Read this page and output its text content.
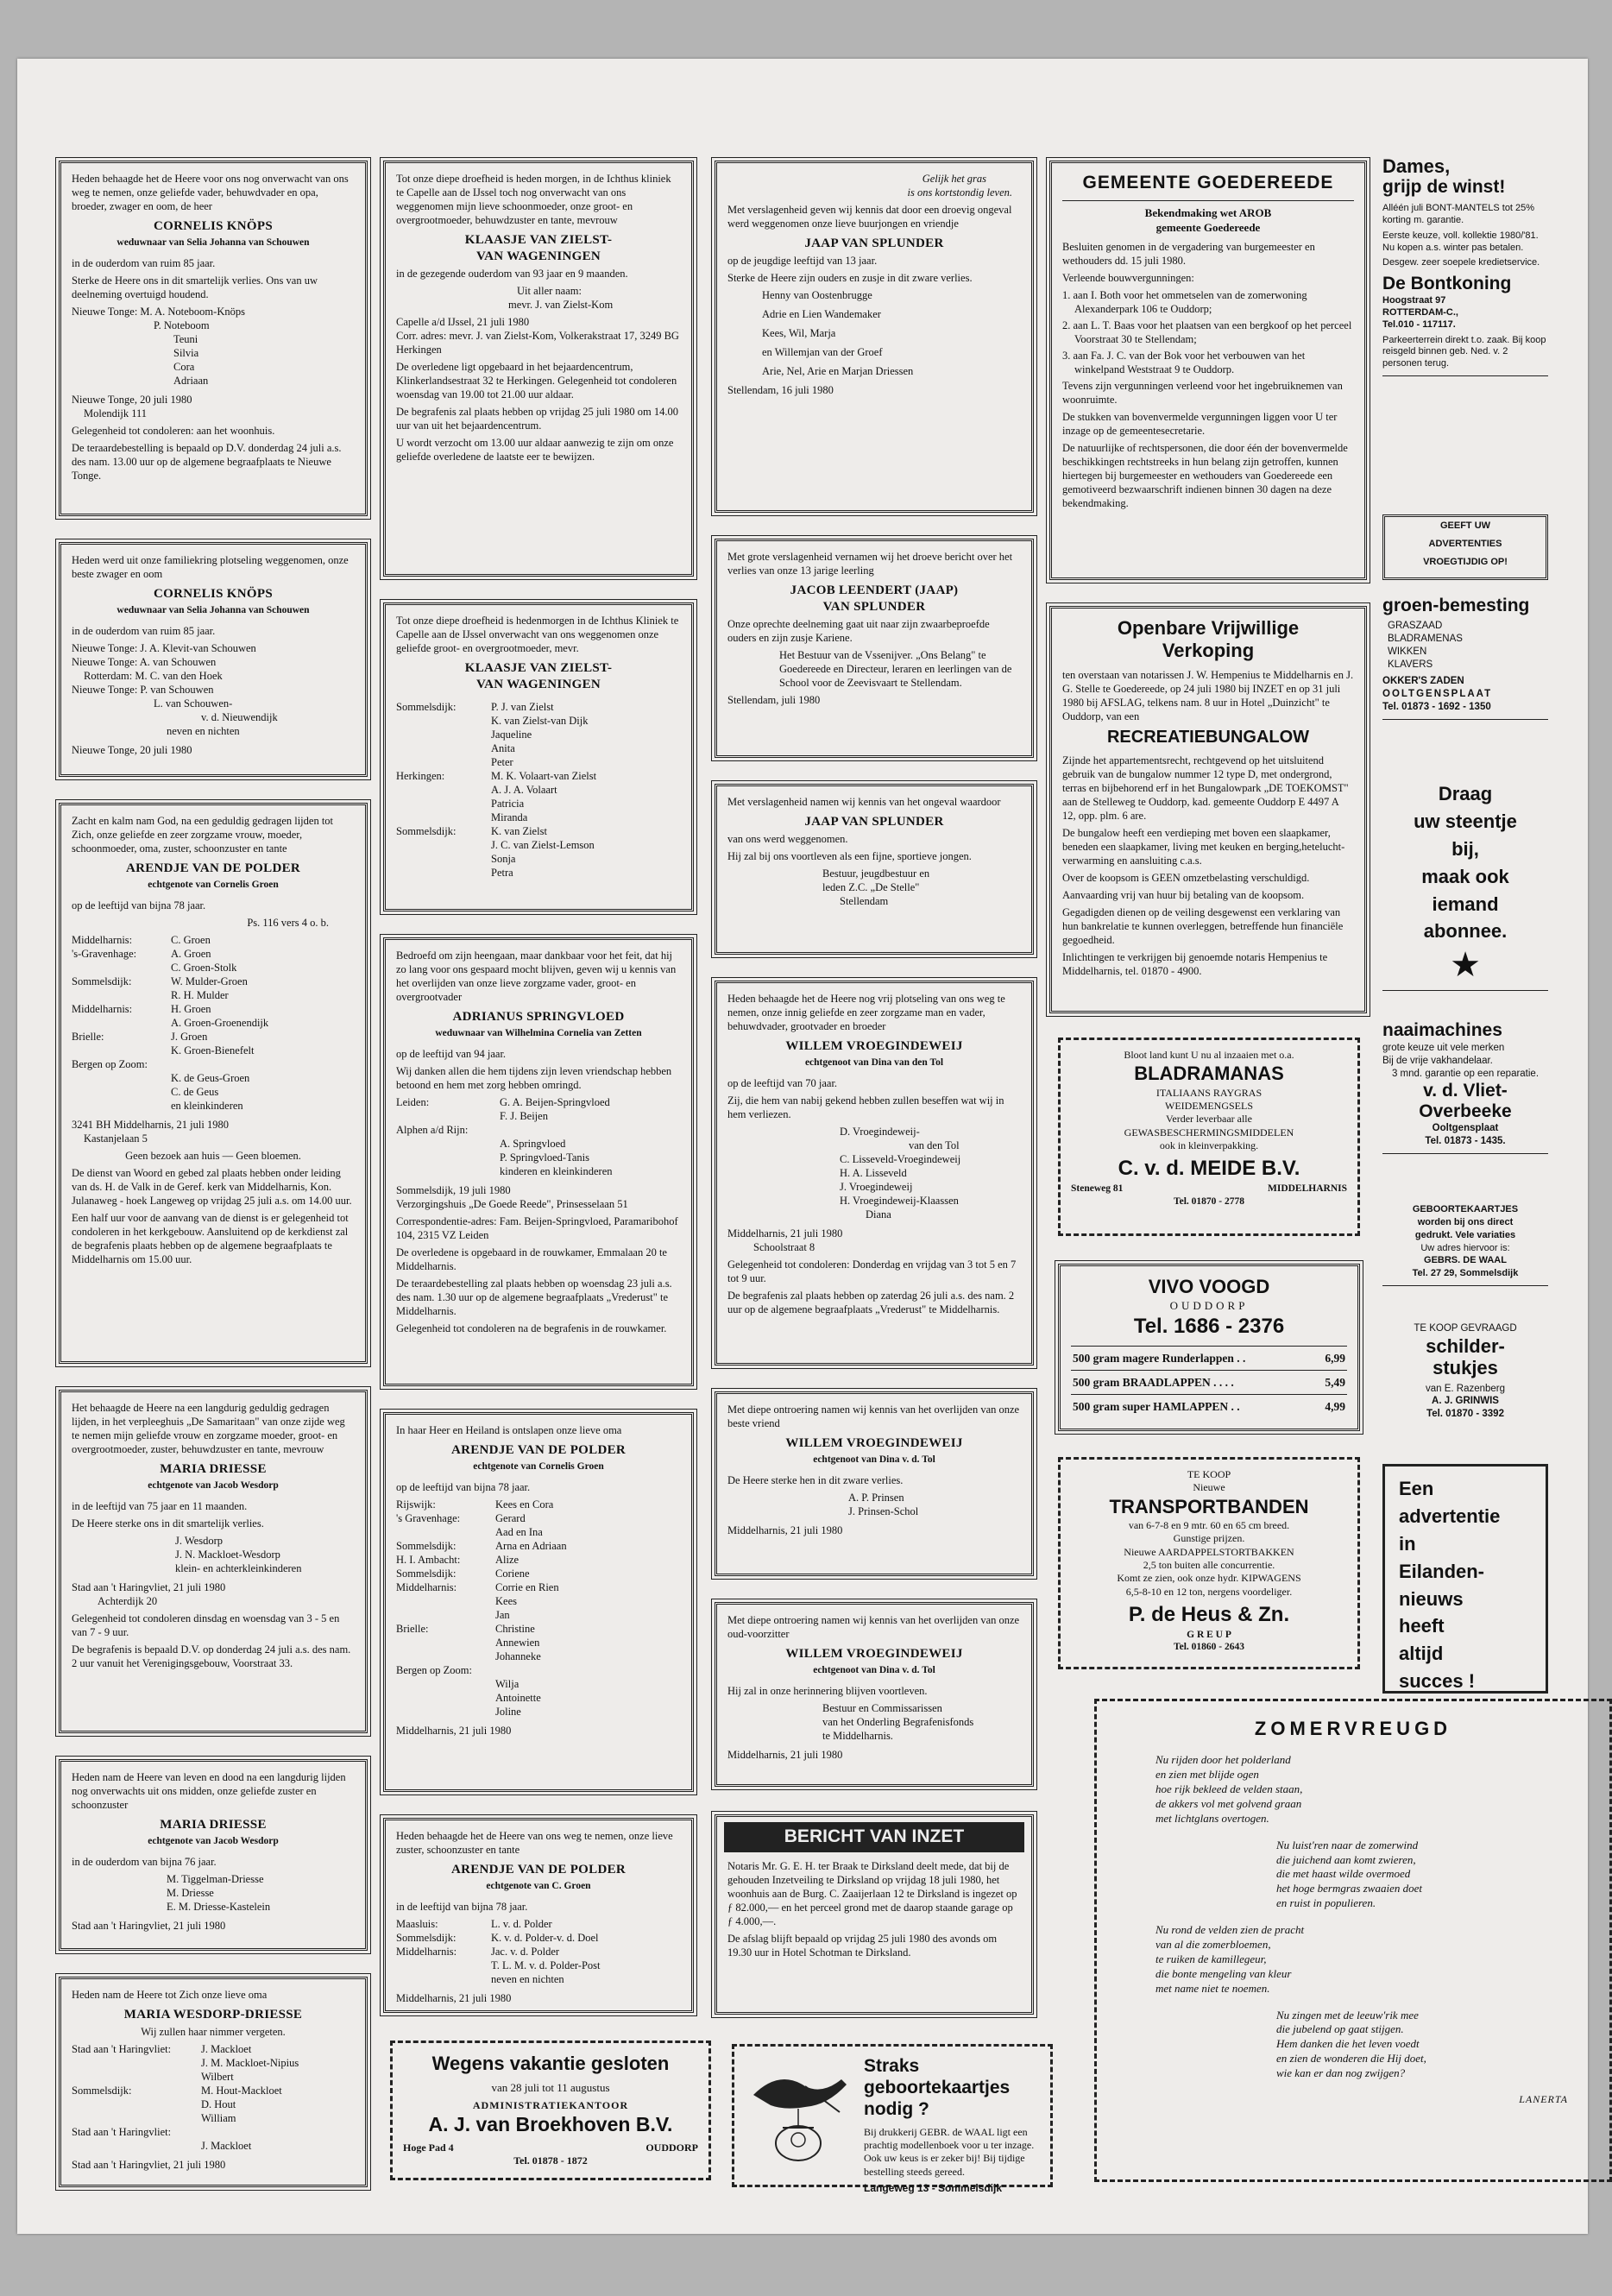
Heden behaagde het de Heere voor ons nog onverwacht van ons weg te nemen, onze geliefde vader, behuwdvader en opa, broeder, zwager en oom, de heer

CORNELIS KNÖPS
weduwnaar van Selia Johanna van Schouwen

in de ouderdom van ruim 85 jaar.

Sterke de Heere ons in dit smartelijk verlies. Ons van uw deelneming overtuigd houdend.

Nieuwe Tonge: M. A. Noteboom-Knöps

P. Noteboom

Teuni

Silvia

Cora

Adriaan

Nieuwe Tonge, 20 juli 1980

Molendijk 111

Gelegenheid tot condoleren: aan het woonhuis.

De teraardebestelling is bepaald op D.V. donderdag 24 juli a.s. des nam. 13.00 uur op de algemene begraafplaats te Nieuwe Tonge.

Heden werd uit onze familiekring plotseling weggenomen, onze beste zwager en oom

CORNELIS KNÖPS
weduwnaar van Selia Johanna van Schouwen

in de ouderdom van ruim 85 jaar.

Nieuwe Tonge: J. A. Klevit-van Schouwen

Nieuwe Tonge: A. van Schouwen

Rotterdam: M. C. van den Hoek

Nieuwe Tonge: P. van Schouwen

L. van Schouwen-

v. d. Nieuwendijk

neven en nichten

Nieuwe Tonge, 20 juli 1980

Zacht en kalm nam God, na een geduldig gedragen lijden tot Zich, onze geliefde en zeer zorgzame vrouw, moeder, schoonmoeder, oma, zuster, schoonzuster en tante

ARENDJE VAN DE POLDER
echtgenote van Cornelis Groen

op de leeftijd van bijna 78 jaar.

Ps. 116 vers 4 o. b.

Middelharnis:	C. Groen
's-Gravenhage:	A. Groen
C. Groen-Stolk
Sommelsdijk:	W. Mulder-Groen
R. H. Mulder
Middelharnis:	H. Groen
A. Groen-Groenendijk
Brielle:	J. Groen
K. Groen-Bienefelt
Bergen op Zoom:
K. de Geus-Groen
C. de Geus
en kleinkinderen

3241 BH Middelharnis, 21 juli 1980

Kastanjelaan 5

Geen bezoek aan huis — Geen bloemen.

De dienst van Woord en gebed zal plaats hebben onder leiding van ds. H. de Valk in de Geref. kerk van Middelharnis, Kon. Julanaweg - hoek Langeweg op vrijdag 25 juli a.s. om 14.00 uur.

Een half uur voor de aanvang van de dienst is er gelegenheid tot condoleren in het kerkgebouw. Aansluitend op de kerkdienst zal de begrafenis plaats hebben op de algemene begraafplaats te Middelharnis om 15.00 uur.

Het behaagde de Heere na een langdurig geduldig gedragen lijden, in het verpleeghuis „De Samaritaan" van onze zijde weg te nemen mijn geliefde vrouw en zorgzame moeder, groot- en overgrootmoeder, zuster, behuwdzuster en tante, mevrouw

MARIA DRIESSE
echtgenote van Jacob Wesdorp

in de leeftijd van 75 jaar en 11 maanden.

De Heere sterke ons in dit smartelijk verlies.

J. Wesdorp

J. N. Mackloet-Wesdorp

klein- en achterkleinkinderen

Stad aan 't Haringvliet, 21 juli 1980

Achterdijk 20

Gelegenheid tot condoleren dinsdag en woensdag van 3 - 5 en van 7 - 9 uur.

De begrafenis is bepaald D.V. op donderdag 24 juli a.s. des nam. 2 uur vanuit het Verenigingsgebouw, Voorstraat 33.

Heden nam de Heere van leven en dood na een langdurig lijden nog onverwachts uit ons midden, onze geliefde zuster en schoonzuster

MARIA DRIESSE
echtgenote van Jacob Wesdorp

in de ouderdom van bijna 76 jaar.

M. Tiggelman-Driesse

M. Driesse

E. M. Driesse-Kastelein

Stad aan 't Haringvliet, 21 juli 1980

Heden nam de Heere tot Zich onze lieve oma

MARIA WESDORP-DRIESSE

Wij zullen haar nimmer vergeten.

Stad aan 't Haringvliet:	J. Mackloet
J. M. Mackloet-Nipius
Wilbert
Sommelsdijk:	M. Hout-Mackloet
D. Hout
William
Stad aan 't Haringvliet:
J. Mackloet

Stad aan 't Haringvliet, 21 juli 1980

Tot onze diepe droefheid is heden morgen, in de Ichthus kliniek te Capelle aan de IJssel toch nog onverwacht van ons weggenomen mijn lieve schoonmoeder, onze groot- en overgrootmoeder, behuwdzuster en tante, mevrouw

KLAASJE VAN ZIELST-
VAN WAGENINGEN

in de gezegende ouderdom van 93 jaar en 9 maanden.

Uit aller naam:

mevr. J. van Zielst-Kom

Capelle a/d IJssel, 21 juli 1980

Corr. adres: mevr. J. van Zielst-Kom, Volkerakstraat 17, 3249 BG Herkingen

De overledene ligt opgebaard in het bejaardencentrum, Klinkerlandsestraat 32 te Herkingen. Gelegenheid tot condoleren woensdag van 19.00 tot 21.00 uur aldaar.

De begrafenis zal plaats hebben op vrijdag 25 juli 1980 om 14.00 uur van uit het bejaardencentrum.

U wordt verzocht om 13.00 uur aldaar aanwezig te zijn om onze geliefde overledene de laatste eer te bewijzen.

Tot onze diepe droefheid is hedenmorgen in de Ichthus Kliniek te Capelle aan de IJssel onverwacht van ons weggenomen onze geliefde groot- en overgrootmoeder, mevr.

KLAASJE VAN ZIELST-
VAN WAGENINGEN
Sommelsdijk:	P. J. van Zielst
K. van Zielst-van Dijk
Jaqueline
Anita
Peter
Herkingen:	M. K. Volaart-van Zielst
A. J. A. Volaart
Patricia
Miranda
Sommelsdijk:	K. van Zielst
J. C. van Zielst-Lemson
Sonja
Petra

Bedroefd om zijn heengaan, maar dankbaar voor het feit, dat hij zo lang voor ons gespaard mocht blijven, geven wij u kennis van het overlijden van onze lieve zorgzame vader, groot- en overgrootvader

ADRIANUS SPRINGVLOED
weduwnaar van Wilhelmina Cornelia van Zetten

op de leeftijd van 94 jaar.

Wij danken allen die hem tijdens zijn leven vriendschap hebben betoond en hem met zorg hebben omringd.

Leiden:	G. A. Beijen-Springvloed
F. J. Beijen
Alphen a/d Rijn:
A. Springvloed
P. Springvloed-Tanis
kinderen en kleinkinderen

Sommelsdijk, 19 juli 1980

Verzorgingshuis „De Goede Reede", Prinsesselaan 51

Correspondentie-adres: Fam. Beijen-Springvloed, Paramaribohof 104, 2315 VZ Leiden

De overledene is opgebaard in de rouwkamer, Emmalaan 20 te Middelharnis.

De teraardebestelling zal plaats hebben op woensdag 23 juli a.s. des nam. 1.30 uur op de algemene begraafplaats „Vrederust" te Middelharnis.

Gelegenheid tot condoleren na de begrafenis in de rouwkamer.

In haar Heer en Heiland is ontslapen onze lieve oma

ARENDJE VAN DE POLDER
echtgenote van Cornelis Groen

op de leeftijd van bijna 78 jaar.

Rijswijk:	Kees en Cora
's Gravenhage:	Gerard
Aad en Ina
Sommelsdijk:	Arna en Adriaan
H. I. Ambacht:	Alize
Sommelsdijk:	Coriene
Middelharnis:	Corrie en Rien
Kees
Jan
Brielle:	Christine
Annewien
Johanneke
Bergen op Zoom:
Wilja
Antoinette
Joline

Middelharnis, 21 juli 1980

Heden behaagde het de Heere van ons weg te nemen, onze lieve zuster, schoonzuster en tante

ARENDJE VAN DE POLDER
echtgenote van C. Groen

in de leeftijd van bijna 78 jaar.

Maasluis:	L. v. d. Polder
Sommelsdijk:	K. v. d. Polder-v. d. Doel
Middelharnis:	Jac. v. d. Polder
T. L. M. v. d. Polder-Post
neven en nichten

Middelharnis, 21 juli 1980

Wegens vakantie gesloten
van 28 juli tot 11 augustus
ADMINISTRATIEKANTOOR
A. J. van Broekhoven B.V.
Hoge Pad 4	OUDDORP
Tel. 01878 - 1872

Gelijk het gras

is ons kortstondig leven.

Met verslagenheid geven wij kennis dat door een droevig ongeval werd weggenomen onze lieve buurjongen en vriendje

JAAP VAN SPLUNDER

op de jeugdige leeftijd van 13 jaar.

Sterke de Heere zijn ouders en zusje in dit zware verlies.

Henny van Oostenbrugge

Adrie en Lien Wandemaker

Kees, Wil, Marja

en Willemjan van der Groef

Arie, Nel, Arie en Marjan Driessen

Stellendam, 16 juli 1980

Met grote verslagenheid vernamen wij het droeve bericht over het verlies van onze 13 jarige leerling

JACOB LEENDERT (JAAP)
VAN SPLUNDER

Onze oprechte deelneming gaat uit naar zijn zwaarbeproefde ouders en zijn zusje Kariene.

Het Bestuur van de Vssenijver. „Ons Belang" te Goedereede en Directeur, leraren en leerlingen van de School voor de Zeevisvaart te Stellendam.

Stellendam, juli 1980

Met verslagenheid namen wij kennis van het ongeval waardoor

JAAP VAN SPLUNDER

van ons werd weggenomen.

Hij zal bij ons voortleven als een fijne, sportieve jongen.

Bestuur, jeugdbestuur en

leden Z.C. „De Stelle"

Stellendam

Heden behaagde het de Heere nog vrij plotseling van ons weg te nemen, onze innig geliefde en zeer zorgzame man en vader, behuwdvader, grootvader en broeder

WILLEM VROEGINDEWEIJ
echtgenoot van Dina van den Tol

op de leeftijd van 70 jaar.

Zij, die hem van nabij gekend hebben zullen beseffen wat wij in hem verliezen.

D. Vroegindeweij-

van den Tol

C. Lisseveld-Vroegindeweij

H. A. Lisseveld

J. Vroegindeweij

H. Vroegindeweij-Klaassen

Diana

Middelharnis, 21 juli 1980

Schoolstraat 8

Gelegenheid tot condoleren: Donderdag en vrijdag van 3 tot 5 en 7 tot 9 uur.

De begrafenis zal plaats hebben op zaterdag 26 juli a.s. des nam. 2 uur op de algemene begraafplaats „Vrederust" te Middelharnis.

Met diepe ontroering namen wij kennis van het overlijden van onze beste vriend

WILLEM VROEGINDEWEIJ
echtgenoot van Dina v. d. Tol

De Heere sterke hen in dit zware verlies.

A. P. Prinsen

J. Prinsen-Schol

Middelharnis, 21 juli 1980

Met diepe ontroering namen wij kennis van het overlijden van onze oud-voorzitter

WILLEM VROEGINDEWEIJ
echtgenoot van Dina v. d. Tol

Hij zal in onze herinnering blijven voortleven.

Bestuur en Commissarissen

van het Onderling Begrafenisfonds

te Middelharnis.

Middelharnis, 21 juli 1980

BERICHT VAN INZET

Notaris Mr. G. E. H. ter Braak te Dirksland deelt mede, dat bij de gehouden Inzetveiling te Dirksland op vrijdag 18 juli 1980, het woonhuis aan de Burg. C. Zaaijerlaan 12 te Dirksland is ingezet op ƒ 82.000,— en het perceel grond met de daarop staande garage op ƒ 4.000,—.

De afslag blijft bepaald op vrijdag 25 juli 1980 des avonds om 19.30 uur in Hotel Schotman te Dirksland.

Straks geboortekaartjes nodig ?

Bij drukkerij GEBR. de WAAL ligt een prachtig modellenboek voor u ter inzage. Ook uw keus is er zeker bij! Bij tijdige bestelling steeds gereed.

Langeweg 13 - Sommelsdijk

GEMEENTE GOEDEREEDE
Bekendmaking wet AROB
gemeente Goedereede

Besluiten genomen in de vergadering van burgemeester en wethouders dd. 15 juli 1980.

Verleende bouwvergunningen:

1. aan I. Both voor het ommetselen van de zomerwoning Alexanderpark 106 te Ouddorp;
2. aan L. T. Baas voor het plaatsen van een bergkoof op het perceel Voorstraat 30 te Stellendam;
3. aan Fa. J. C. van der Bok voor het verbouwen van het winkelpand Weststraat 9 te Ouddorp.

Tevens zijn vergunningen verleend voor het ingebruiknemen van woonruimte.

De stukken van bovenvermelde vergunningen liggen voor U ter inzage op de gemeentesecretarie.

De natuurlijke of rechtspersonen, die door één der bovenvermelde beschikkingen rechtstreeks in hun belang zijn getroffen, kunnen hiertegen bij burgemeester en wethouders van Goedereede een gemotiveerd bezwaarschrift indienen binnen 30 dagen na deze bekendmaking.

Openbare Vrijwillige
Verkoping

ten overstaan van notarissen J. W. Hempenius te Middelharnis en J. G. Stelle te Goedereede, op 24 juli 1980 bij INZET en op 31 juli 1980 bij AFSLAG, telkens nam. 8 uur in Hotel „Duinzicht" te Ouddorp, van een

RECREATIEBUNGALOW

Zijnde het appartementsrecht, rechtgevend op het uitsluitend gebruik van de bungalow nummer 12 type D, met ondergrond, terras en bijbehorend erf in het Bungalowpark „DE TOEKOMST" aan de Stelleweg te Ouddorp, kad. gemeente Ouddorp E 4497 A 12, opp. plm. 6 are.

De bungalow heeft een verdieping met boven een slaapkamer, beneden een slaapkamer, living met keuken en berging,hetelucht-verwarming en aansluiting c.a.s.

Over de koopsom is GEEN omzetbelasting verschuldigd.

Aanvaarding vrij van huur bij betaling van de koopsom.

Gegadigden dienen op de veiling desgewenst een verklaring van hun bankrelatie te kunnen overleggen, betreffende hun financiële gegoedheid.

Inlichtingen te verkrijgen bij genoemde notaris Hempenius te Middelharnis, tel. 01870 - 4900.

Bloot land kunt U nu al inzaaien met o.a.
BLADRAMANAS
ITALIAANS RAYGRAS
WEIDEMENGSELS
Verder leverbaar alle
GEWASBESCHERMINGSMIDDELEN
ook in kleinverpakking.
C. v. d. MEIDE B.V.
Steneweg 81	MIDDELHARNIS
Tel. 01870 - 2778
VIVO VOOGD
OUDDORP
Tel. 1686 - 2376
500 gram magere Runderlappen . .	6,99
500 gram BRAADLAPPEN . . . .	5,49
500 gram super HAMLAPPEN . .	4,99
TE KOOP
Nieuwe
TRANSPORTBANDEN
van 6-7-8 en 9 mtr. 60 en 65 cm breed.
Gunstige prijzen.
Nieuwe AARDAPPELSTORTBAKKEN
2,5 ton buiten alle concurrentie.
Komt ze zien, ook onze hydr. KIPWAGENS
6,5-8-10 en 12 ton, nergens voordeliger.
P. de Heus & Zn.
G R E U P
Tel. 01860 - 2643
ZOMERVREUGD
Nu rijden door het polderland
en zien met blijde ogen
hoe rijk bekleed de velden staan,
de akkers vol met golvend graan
met lichtglans overtogen.
Nu luist'ren naar de zomerwind
die juichend aan komt zwieren,
die met haast wilde overmoed
het hoge bermgras zwaaien doet
en ruist in populieren.
Nu rond de velden zien de pracht
van al die zomerbloemen,
te ruiken de kamillegeur,
die bonte mengeling van kleur
met name niet te noemen.
Nu zingen met de leeuw'rik mee
die jubelend op gaat stijgen.
Hem danken die het leven voedt
en zien de wonderen die Hij doet,
wie kan er dan nog zwijgen?
LANERTA
Dames,
grijp de winst!

Alléén juli BONT-MANTELS tot 25% korting m. garantie.

Eerste keuze, voll. kollektie 1980/'81. Nu kopen a.s. winter pas betalen.

Desgew. zeer soepele kredietservice.

De Bontkoning
Hoogstraat 97
ROTTERDAM-C.,
Tel.010 - 117117.

Parkeerterrein direkt t.o. zaak. Bij koop reisgeld binnen geb. Ned. v. 2 personen terug.

GEEFT UW
ADVERTENTIES
VROEGTIJDIG OP!
groen-bemesting
GRASZAAD
BLADRAMENAS
WIKKEN
KLAVERS
OKKER'S ZADEN
OOLTGENSPLAAT
Tel. 01873 - 1692 - 1350
Draag
uw steentje
bij,
maak ook
iemand
abonnee.
★
naaimachines
grote keuze uit vele merken
Bij de vrije vakhandelaar.
3 mnd. garantie op een reparatie.
v. d. Vliet-
Overbeeke
Ooltgensplaat
Tel. 01873 - 1435.
GEBOORTEKAARTJES
worden bij ons direct
gedrukt. Vele variaties
Uw adres hiervoor is:
GEBRS. DE WAAL
Tel. 27 29, Sommelsdijk
TE KOOP GEVRAAGD
schilder-
stukjes
van E. Razenberg
A. J. GRINWIS
Tel. 01870 - 3392
Een
advertentie
in
Eilanden-
nieuws
heeft
altijd
succes !
